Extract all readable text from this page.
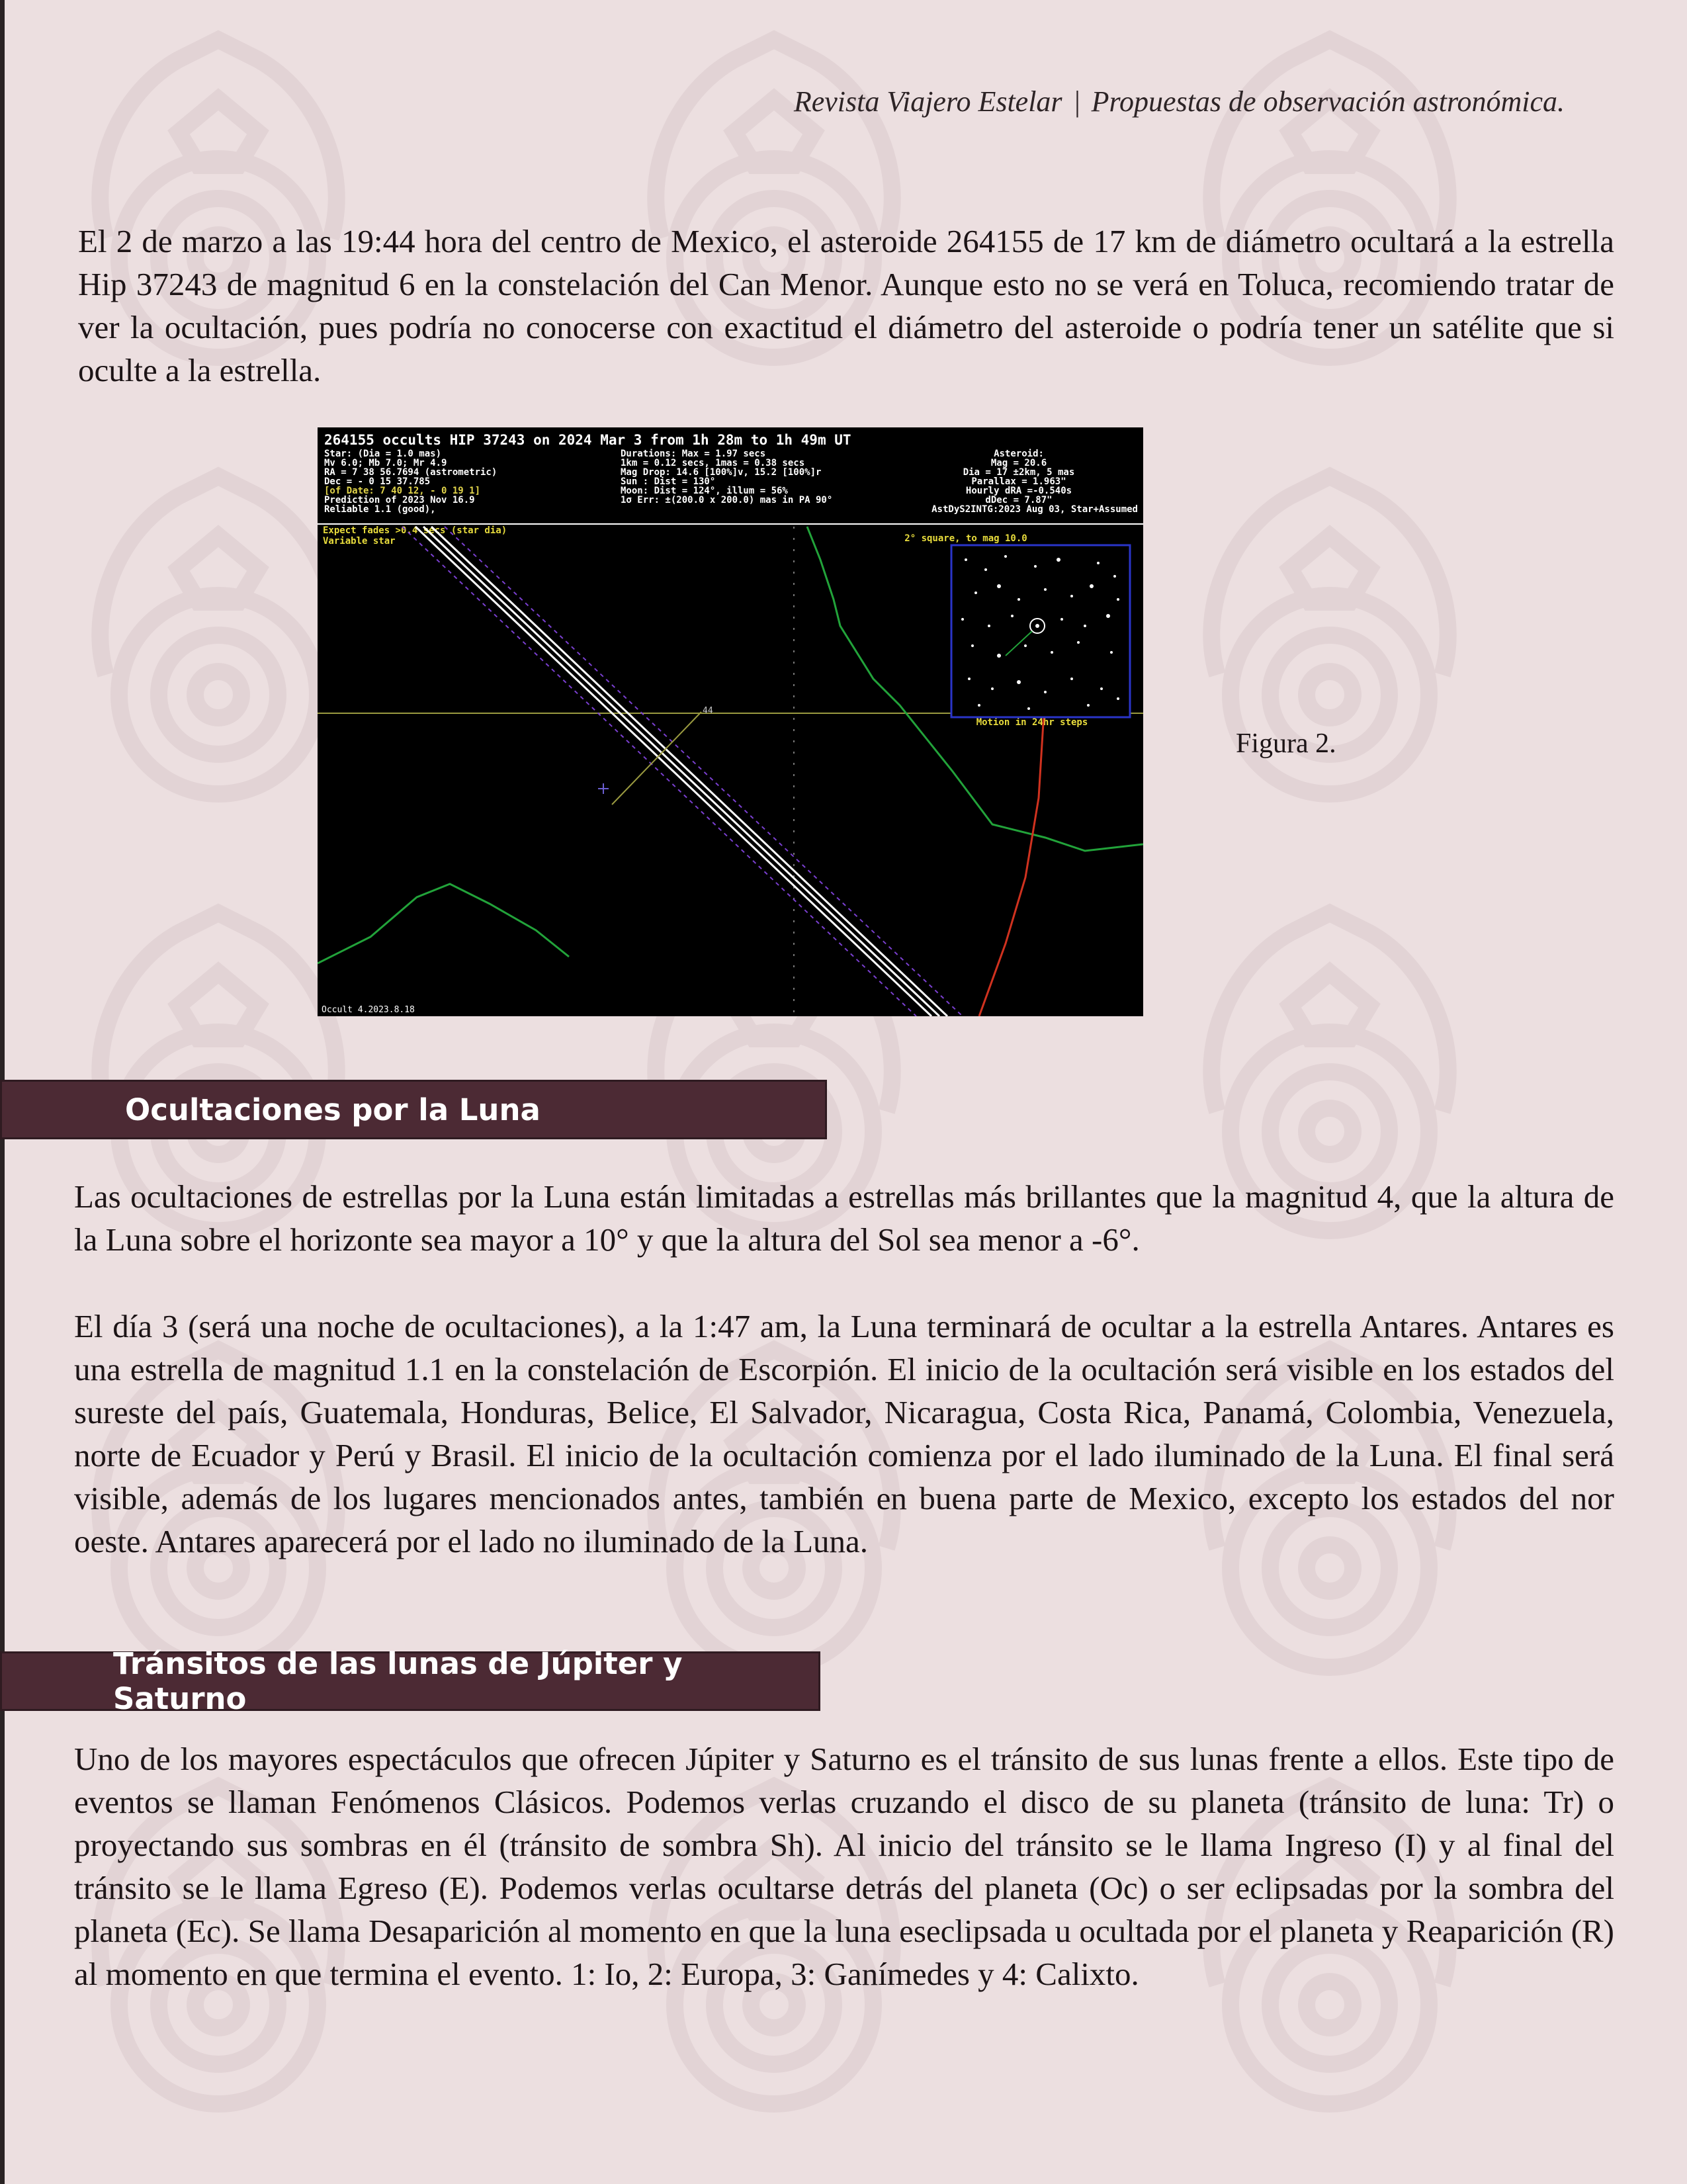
Revista Viajero Estelar | Propuestas de observación astronómica.

El 2 de marzo a las 19:44 hora del centro de Mexico, el asteroide 264155 de 17 km de diámetro ocultará a la estrella Hip 37243 de magnitud 6 en la constelación del Can Menor. Aunque esto no se verá en Toluca, recomiendo tratar de ver la ocultación, pues podría no conocerse con exactitud el diámetro del asteroide o podría tener un satélite que si oculte a la estrella.

264155 occults HIP 37243 on 2024 Mar 3 from 1h 28m to 1h 49m UT
Star: (Dia = 1.0 mas)
Mv 6.0; Mb 7.0; Mr 4.9
RA = 7 38 56.7694 (astrometric)
Dec = - 0 15 37.785
[of Date: 7 40 12, - 0 19 1]
Prediction of 2023 Nov 16.9
Reliable 1.1 (good),
Durations: Max = 1.97 secs
1km = 0.12 secs, 1mas = 0.38 secs
Mag Drop: 14.6 [100%]v, 15.2 [100%]r
Sun : Dist = 130°
Moon: Dist = 124°, illum = 56%
1σ Err: ±(200.0 x 200.0) mas in PA 90°
Asteroid:
Mag = 20.6
Dia = 17 ±2km, 5 mas
Parallax = 1.963"
Hourly dRA =-0.540s
dDec = 7.87"
AstDyS2INTG:2023 Aug 03, Star+Assumed
Expect fades >0.4 secs (star dia)
Variable star	2° square, to mag 10.0
Motion in 24hr steps
44
Occult 4.2023.8.18
Figura 2.
Ocultaciones por la Luna

Las ocultaciones de estrellas por la Luna están limitadas a estrellas más brillantes que la magnitud 4, que la altura de la Luna sobre el horizonte sea mayor a 10° y que la altura del Sol sea menor a -6°.

El día 3 (será una noche de ocultaciones), a la 1:47 am, la Luna terminará de ocultar a la estrella Antares. Antares es una estrella de magnitud 1.1 en la constelación de Escorpión. El inicio de la ocultación será visible en los estados del sureste del país, Guatemala, Honduras, Belice, El Salvador, Nicaragua, Costa Rica, Panamá, Colombia, Venezuela, norte de Ecuador y Perú y Brasil. El inicio de la ocultación comienza por el lado iluminado de la Luna. El final será visible, además de los lugares mencionados antes, también en buena parte de Mexico, excepto los estados del nor oeste. Antares aparecerá por el lado no iluminado de la Luna.

Tránsitos de las lunas de Júpiter y Saturno

Uno de los mayores espectáculos que ofrecen Júpiter y Saturno es el tránsito de sus lunas frente a ellos. Este tipo de eventos se llaman Fenómenos Clásicos. Podemos verlas cruzando el disco de su planeta (tránsito de luna: Tr) o proyectando sus sombras en él (tránsito de sombra Sh). Al inicio del tránsito se le llama Ingreso (I) y al final del tránsito se le llama Egreso (E). Podemos verlas ocultarse detrás del planeta (Oc) o ser eclipsadas por la sombra del planeta (Ec). Se llama Desaparición al momento en que la luna eseclipsada u ocultada por el planeta y Reaparición (R) al momento en que termina el evento. 1: Io, 2: Europa, 3: Ganímedes y 4: Calixto.
